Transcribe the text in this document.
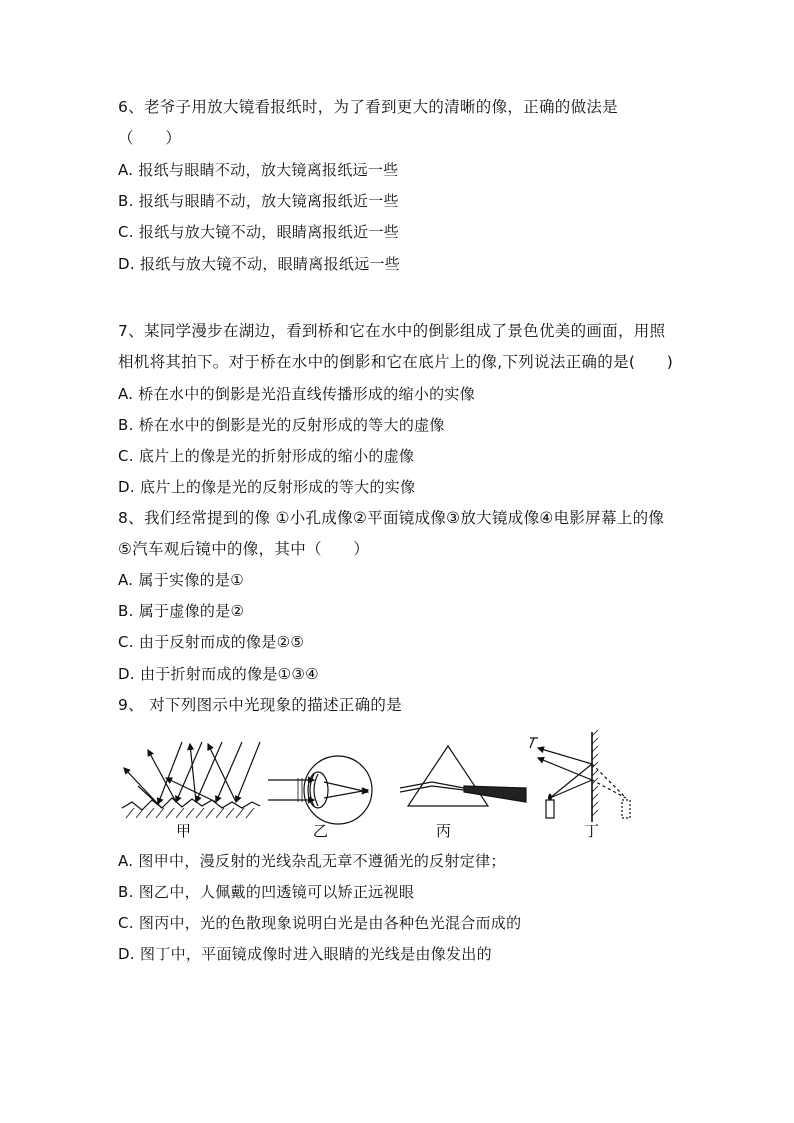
6、老爷子用放大镜看报纸时，为了看到更大的清晰的像，正确的做法是
（　　）
A. 报纸与眼睛不动，放大镜离报纸远一些
B. 报纸与眼睛不动，放大镜离报纸近一些
C. 报纸与放大镜不动，眼睛离报纸近一些
D. 报纸与放大镜不动，眼睛离报纸远一些
7、某同学漫步在湖边，看到桥和它在水中的倒影组成了景色优美的画面，用照
相机将其拍下。对于桥在水中的倒影和它在底片上的像,下列说法正确的是(　　)
A. 桥在水中的倒影是光沿直线传播形成的缩小的实像
B. 桥在水中的倒影是光的反射形成的等大的虚像
C. 底片上的像是光的折射形成的缩小的虚像
D. 底片上的像是光的反射形成的等大的实像
8、我们经常提到的像 ①小孔成像②平面镜成像③放大镜成像④电影屏幕上的像
⑤汽车观后镜中的像，其中（　　）
A. 属于实像的是①
B. 属于虚像的是②
C. 由于反射而成的像是②⑤
D. 由于折射而成的像是①③④
9、 对下列图示中光现象的描述正确的是
甲	乙	丙	丁
A. 图甲中，漫反射的光线杂乱无章不遵循光的反射定律；
B. 图乙中，人佩戴的凹透镜可以矫正远视眼
C. 图丙中，光的色散现象说明白光是由各种色光混合而成的
D. 图丁中，平面镜成像时进入眼睛的光线是由像发出的
